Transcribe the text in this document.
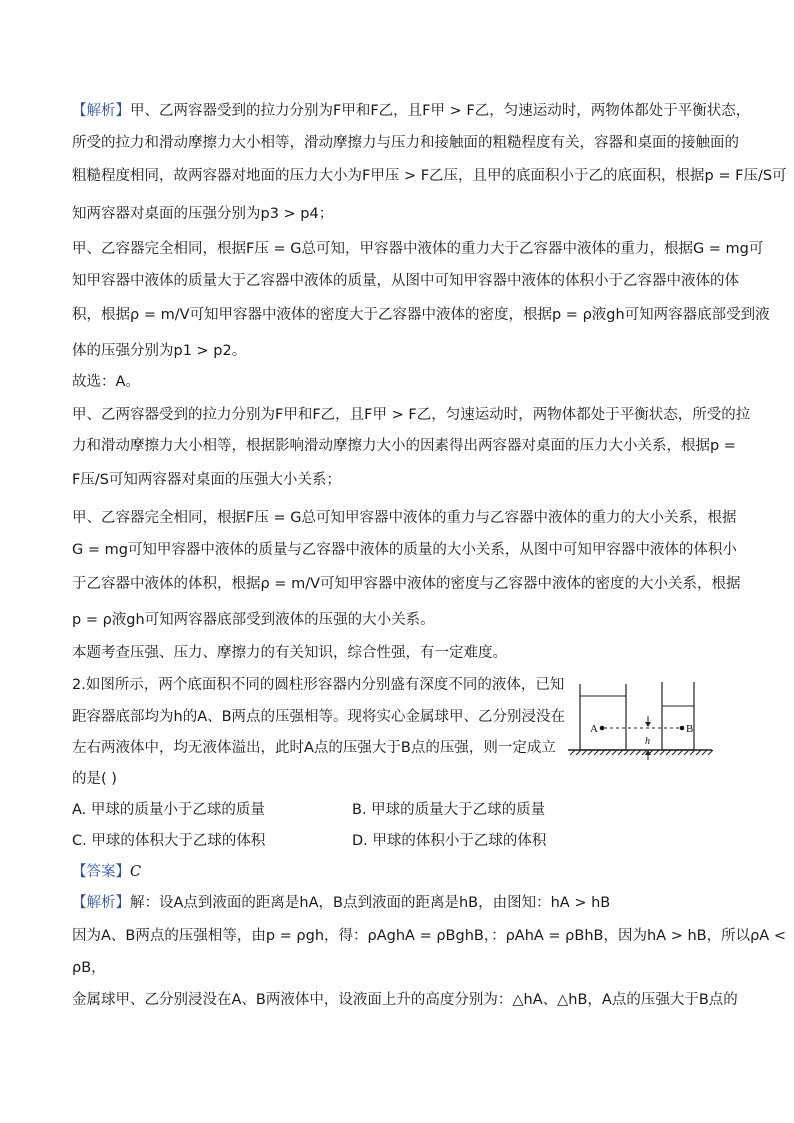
【解析】甲、乙两容器受到的拉力分别为F甲和F乙，且F甲 > F乙，匀速运动时，两物体都处于平衡状态，
所受的拉力和滑动摩擦力大小相等，滑动摩擦力与压力和接触面的粗糙程度有关，容器和桌面的接触面的
粗糙程度相同，故两容器对地面的压力大小为F甲压 > F乙压，且甲的底面积小于乙的底面积，根据p = F压/S可
知两容器对桌面的压强分别为p3 > p4；
甲、乙容器完全相同，根据F压 = G总可知，甲容器中液体的重力大于乙容器中液体的重力，根据G = mg可
知甲容器中液体的质量大于乙容器中液体的质量，从图中可知甲容器中液体的体积小于乙容器中液体的体
积，根据ρ = m/V可知甲容器中液体的密度大于乙容器中液体的密度，根据p = ρ液gh可知两容器底部受到液
体的压强分别为p1 > p2。
故选：A。
甲、乙两容器受到的拉力分别为F甲和F乙，且F甲 > F乙，匀速运动时，两物体都处于平衡状态，所受的拉
力和滑动摩擦力大小相等，根据影响滑动摩擦力大小的因素得出两容器对桌面的压力大小关系，根据p =
F压/S可知两容器对桌面的压强大小关系；
甲、乙容器完全相同，根据F压 = G总可知甲容器中液体的重力与乙容器中液体的重力的大小关系，根据
G = mg可知甲容器中液体的质量与乙容器中液体的质量的大小关系，从图中可知甲容器中液体的体积小
于乙容器中液体的体积，根据ρ = m/V可知甲容器中液体的密度与乙容器中液体的密度的大小关系，根据
p = ρ液gh可知两容器底部受到液体的压强的大小关系。
本题考查压强、压力、摩擦力的有关知识，综合性强，有一定难度。
2.如图所示，两个底面积不同的圆柱形容器内分别盛有深度不同的液体，已知
距容器底部均为h的A、B两点的压强相等。现将实心金属球甲、乙分别浸没在
左右两液体中，均无液体溢出，此时A点的压强大于B点的压强，则一定成立
的是( )
A. 甲球的质量小于乙球的质量	B. 甲球的质量大于乙球的质量
C. 甲球的体积大于乙球的体积	D. 甲球的体积小于乙球的体积
【答案】C
【解析】解：设A点到液面的距离是hA，B点到液面的距离是hB，由图知：hA > hB
因为A、B两点的压强相等，由p = ρgh，得：ρAghA = ρBghB，：ρAhA = ρBhB，因为hA > hB，所以ρA <
ρB，
金属球甲、乙分别浸没在A、B两液体中，设液面上升的高度分别为：△hA、△hB，A点的压强大于B点的
A	B
h
